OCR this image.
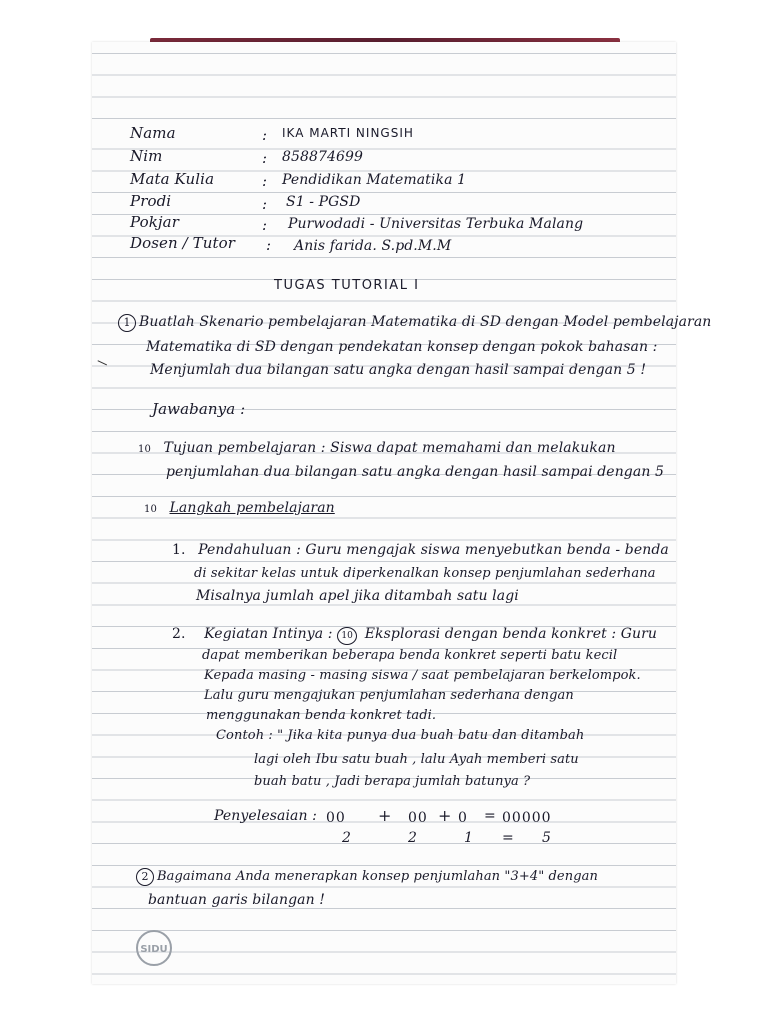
Nama	: IKA MARTI NINGSIH
Nim	: 858874699
Mata Kulia	: Pendidikan Matematika 1
Prodi	: S1 - PGSD
Pokjar	: Purwodadi - Universitas Terbuka Malang
Dosen / Tutor : Anis farida. S.pd.M.M
TUGAS TUTORIAL I
1 Buatlah Skenario pembelajaran Matematika di SD dengan Model pembelajaran
Matematika di SD dengan pendekatan konsep dengan pokok bahasan :
Menjumlah dua bilangan satu angka dengan hasil sampai dengan 5 !
Jawabanya :
10 Tujuan pembelajaran : Siswa dapat memahami dan melakukan
penjumlahan dua bilangan satu angka dengan hasil sampai dengan 5
10 Langkah pembelajaran
1. Pendahuluan : Guru mengajak siswa menyebutkan benda - benda
di sekitar kelas untuk diperkenalkan konsep penjumlahan sederhana
Misalnya jumlah apel jika ditambah satu lagi
2. Kegiatan Intinya : 10 Eksplorasi dengan benda konkret : Guru
dapat memberikan beberapa benda konkret seperti batu kecil
Kepada masing - masing siswa / saat pembelajaran berkelompok.
Lalu guru mengajukan penjumlahan sederhana dengan
menggunakan benda konkret tadi.
Contoh : " Jika kita punya dua buah batu dan ditambah
lagi oleh Ibu satu buah , lalu Ayah memberi satu
buah batu , Jadi berapa jumlah batunya ?
Penyelesaian : 00 + 00 + 0 = 00000
2	2	1 = 5
2 Bagaimana Anda menerapkan konsep penjumlahan "3+4" dengan
bantuan garis bilangan !
SIDU
